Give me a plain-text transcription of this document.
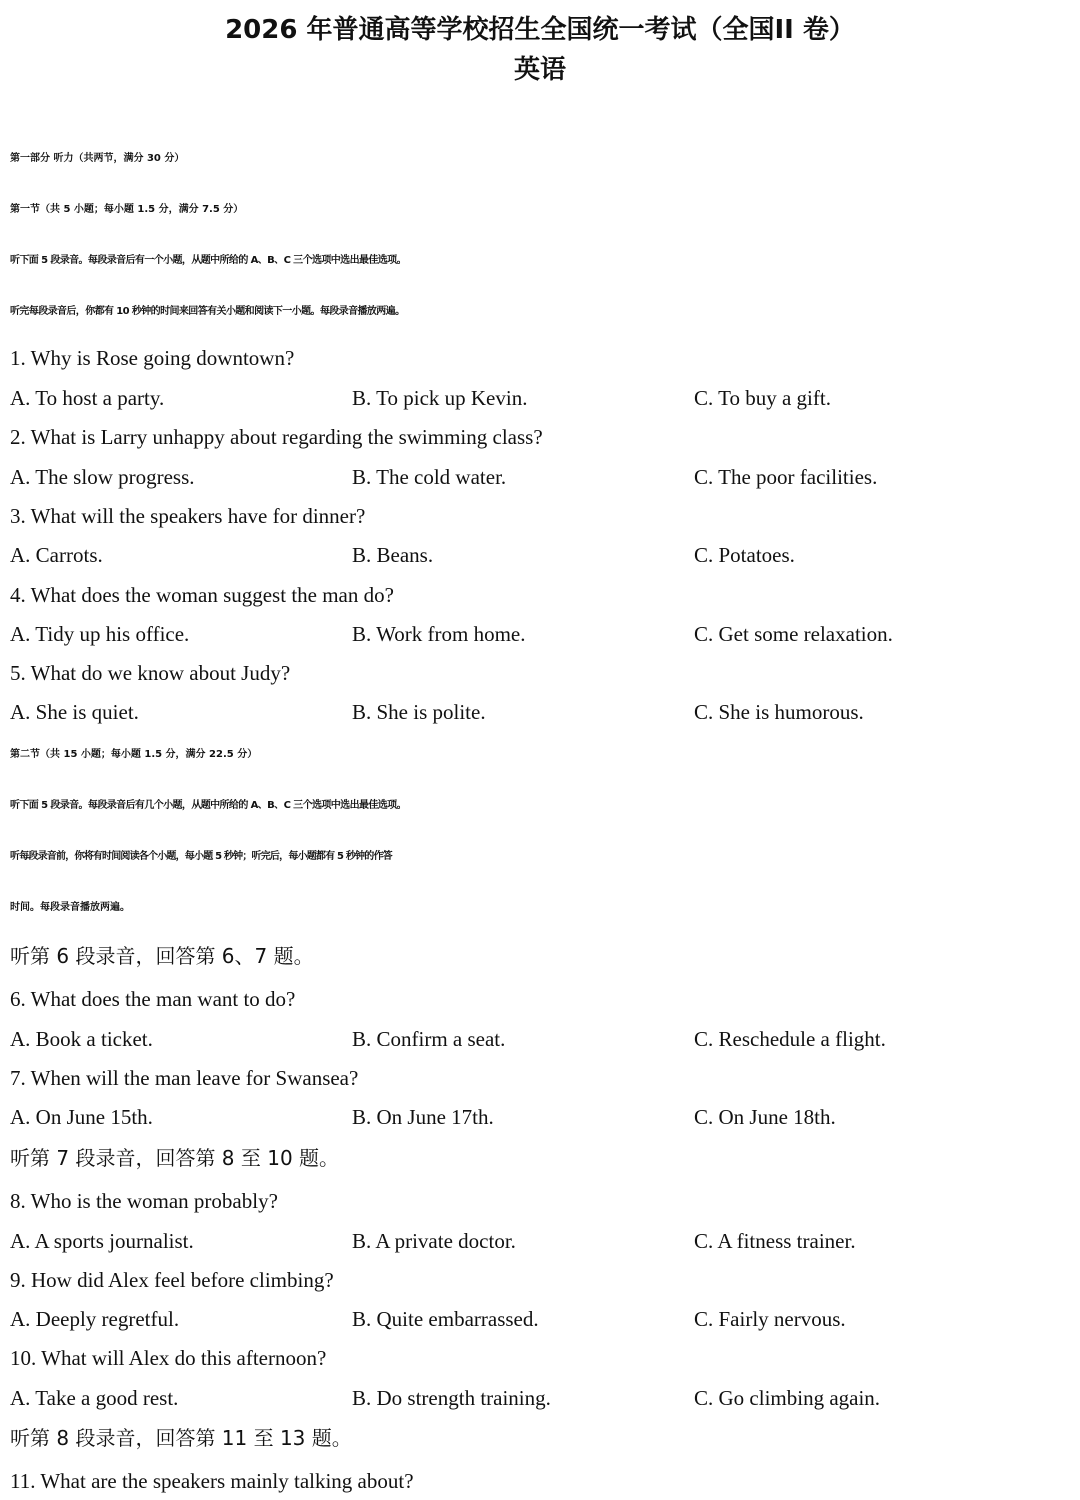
2026 年普通高等学校招生全国统一考试（全国II 卷）
英语
第一部分 听力（共两节，满分 30 分）
第一节（共 5 小题；每小题 1.5 分，满分 7.5 分）
听下面 5 段录音。每段录音后有一个小题，从题中所给的 A、B、C 三个选项中选出最佳选项。
听完每段录音后，你都有 10 秒钟的时间来回答有关小题和阅读下一小题。每段录音播放两遍。
1. Why is Rose going downtown?
A. To host a party.	B. To pick up Kevin.	C. To buy a gift.
2. What is Larry unhappy about regarding the swimming class?
A. The slow progress.	B. The cold water.	C. The poor facilities.
3. What will the speakers have for dinner?
A. Carrots.	B. Beans.	C. Potatoes.
4. What does the woman suggest the man do?
A. Tidy up his office.	B. Work from home.	C. Get some relaxation.
5. What do we know about Judy?
A. She is quiet.	B. She is polite.	C. She is humorous.
第二节（共 15 小题；每小题 1.5 分，满分 22.5 分）
听下面 5 段录音。每段录音后有几个小题，从题中所给的 A、B、C 三个选项中选出最佳选项。
听每段录音前，你将有时间阅读各个小题，每小题 5 秒钟；听完后，每小题都有 5 秒钟的作答
时间。每段录音播放两遍。
听第 6 段录音，回答第 6、7 题。
6. What does the man want to do?
A. Book a ticket.	B. Confirm a seat.	C. Reschedule a flight.
7. When will the man leave for Swansea?
A. On June 15th.	B. On June 17th.	C. On June 18th.
听第 7 段录音，回答第 8 至 10 题。
8. Who is the woman probably?
A. A sports journalist.	B. A private doctor.	C. A fitness trainer.
9. How did Alex feel before climbing?
A. Deeply regretful.	B. Quite embarrassed.	C. Fairly nervous.
10. What will Alex do this afternoon?
A. Take a good rest.	B. Do strength training.	C. Go climbing again.
听第 8 段录音，回答第 11 至 13 题。
11. What are the speakers mainly talking about?
